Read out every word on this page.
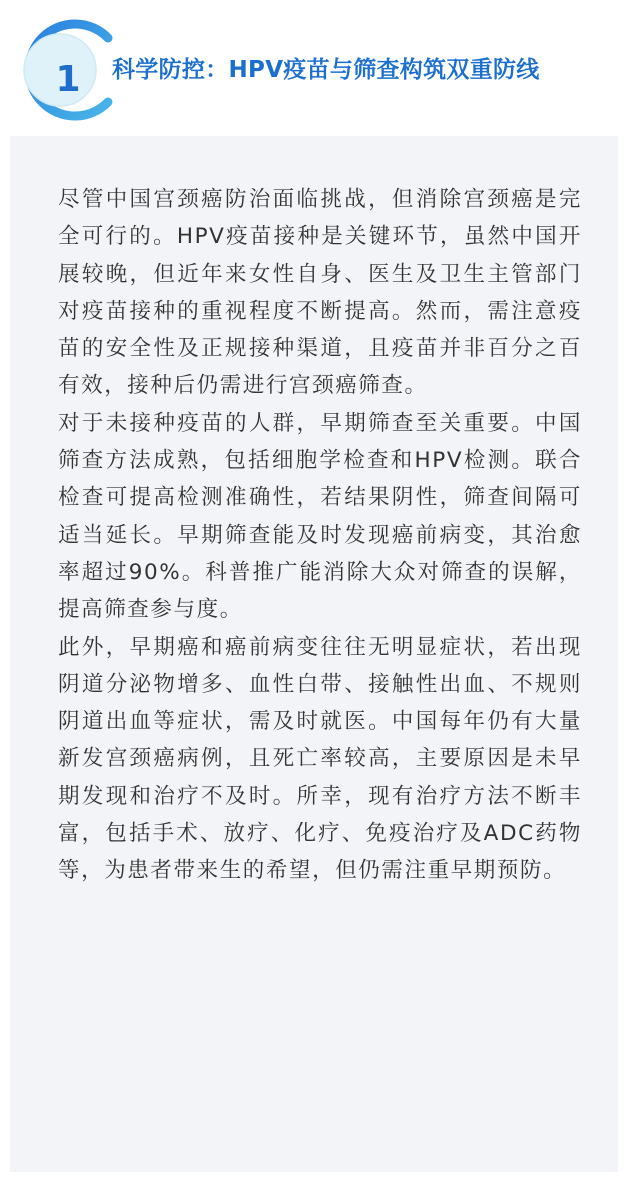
1	科学防控：HPV疫苗与筛查构筑双重防线

尽管中国宫颈癌防治面临挑战，但消除宫颈癌是完全可行的。HPV疫苗接种是关键环节，虽然中国开展较晚，但近年来女性自身、医生及卫生主管部门对疫苗接种的重视程度不断提高。然而，需注意疫苗的安全性及正规接种渠道，且疫苗并非百分之百有效，接种后仍需进行宫颈癌筛查。

对于未接种疫苗的人群，早期筛查至关重要。中国筛查方法成熟，包括细胞学检查和HPV检测。联合检查可提高检测准确性，若结果阴性，筛查间隔可适当延长。早期筛查能及时发现癌前病变，其治愈率超过90%。科普推广能消除大众对筛查的误解，提高筛查参与度。

此外，早期癌和癌前病变往往无明显症状，若出现阴道分泌物增多、血性白带、接触性出血、不规则阴道出血等症状，需及时就医。中国每年仍有大量新发宫颈癌病例，且死亡率较高，主要原因是未早期发现和治疗不及时。所幸，现有治疗方法不断丰富，包括手术、放疗、化疗、免疫治疗及ADC药物等，为患者带来生的希望，但仍需注重早期预防。
